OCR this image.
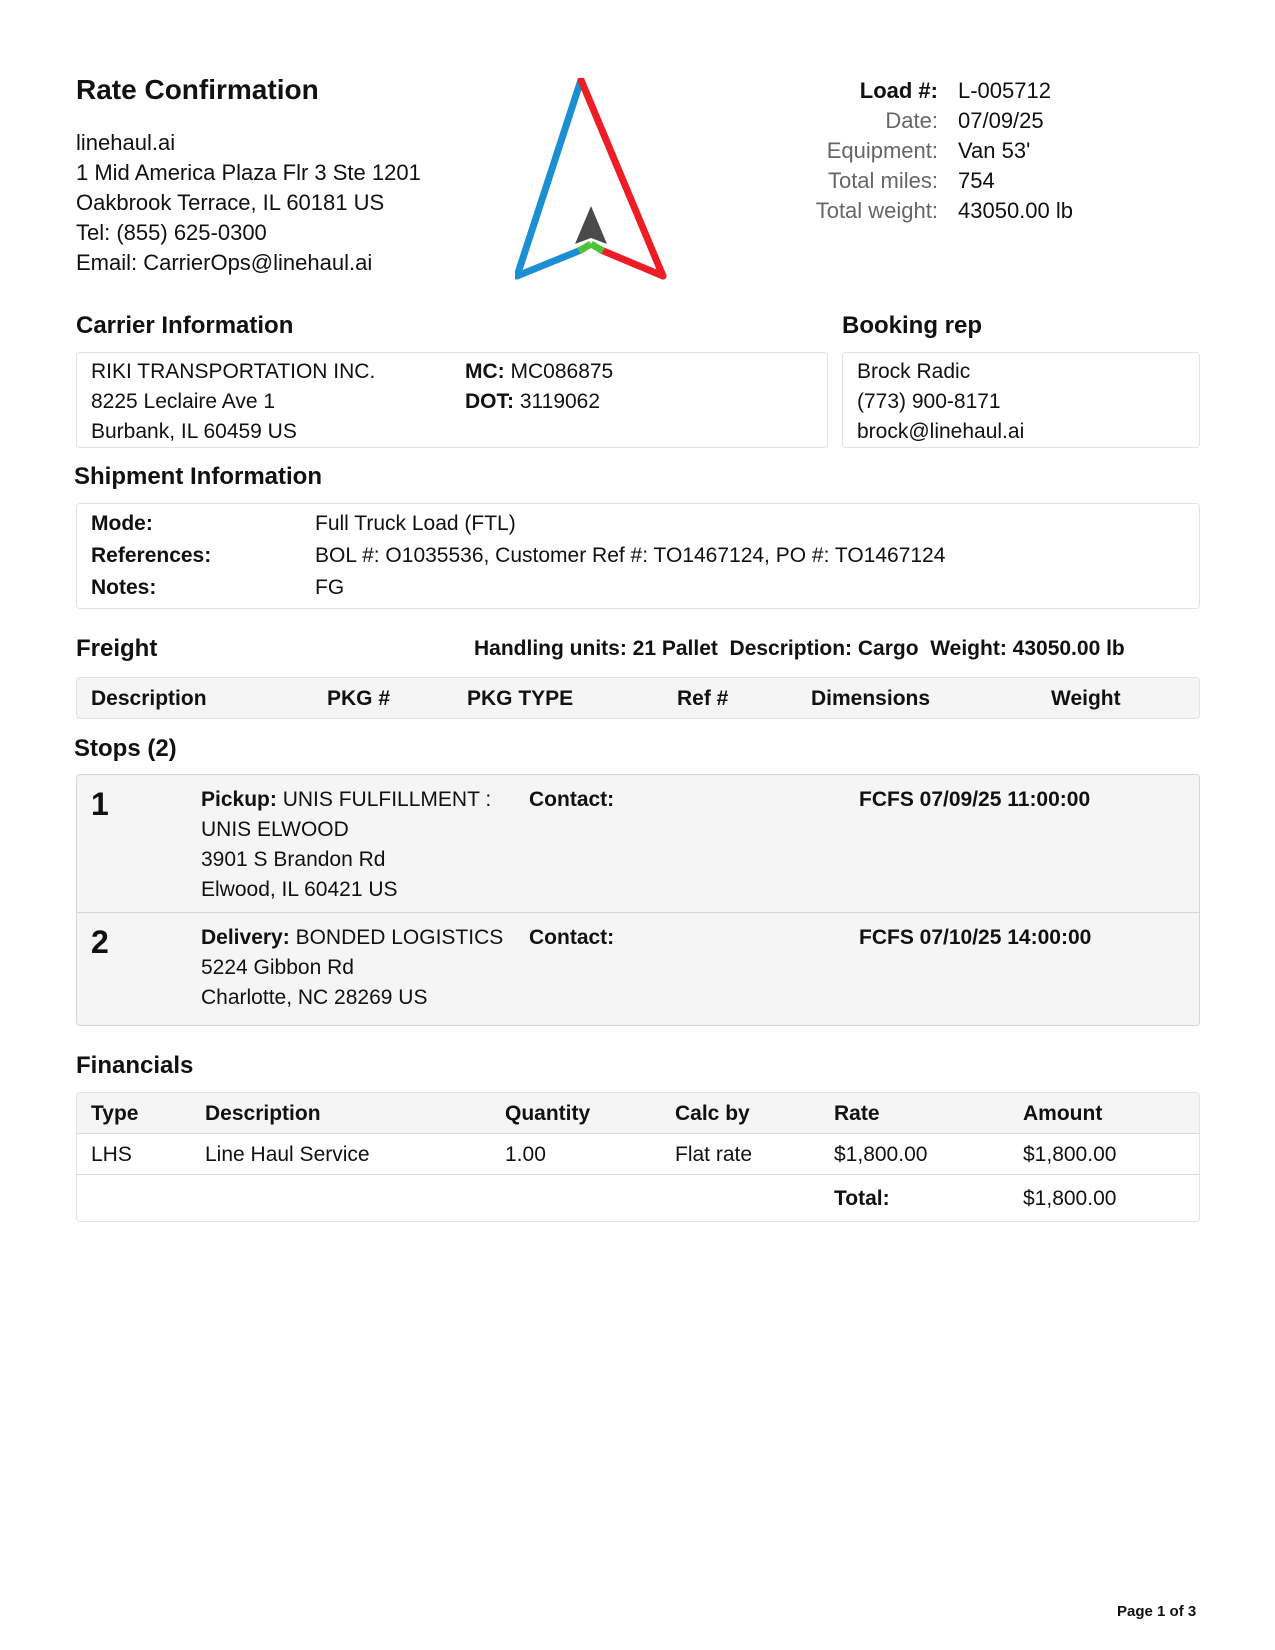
Rate Confirmation
linehaul.ai
1 Mid America Plaza Flr 3 Ste 1201
Oakbrook Terrace, IL 60181 US
Tel: (855) 625-0300
Email: CarrierOps@linehaul.ai
Load #: L-005712
Date: 07/09/25
Equipment: Van 53'
Total miles: 754
Total weight: 43050.00 lb
Carrier Information
RIKI TRANSPORTATION INC.
8225 Leclaire Ave 1
Burbank, IL 60459 US
MC: MC086875
DOT: 3119062
Booking rep
Brock Radic
(773) 900-8171
brock@linehaul.ai
Shipment Information
Mode:	Full Truck Load (FTL)
References:	BOL #: O1035536, Customer Ref #: TO1467124, PO #: TO1467124
Notes:	FG
Freight	Handling units: 21 Pallet  Description: Cargo  Weight: 43050.00 lb
Description	PKG #	PKG TYPE	Ref #	Dimensions	Weight
Stops (2)
1	Pickup: UNIS FULFILLMENT : UNIS ELWOOD
3901 S Brandon Rd
Elwood, IL 60421 US
Contact:	FCFS 07/09/25 11:00:00
2	Delivery: BONDED LOGISTICS
5224 Gibbon Rd
Charlotte, NC 28269 US
Contact:	FCFS 07/10/25 14:00:00
Financials
Type	Description	Quantity	Calc by	Rate	Amount
LHS	Line Haul Service	1.00	Flat rate	$1,800.00	$1,800.00
Total:	$1,800.00
Page 1 of 3
